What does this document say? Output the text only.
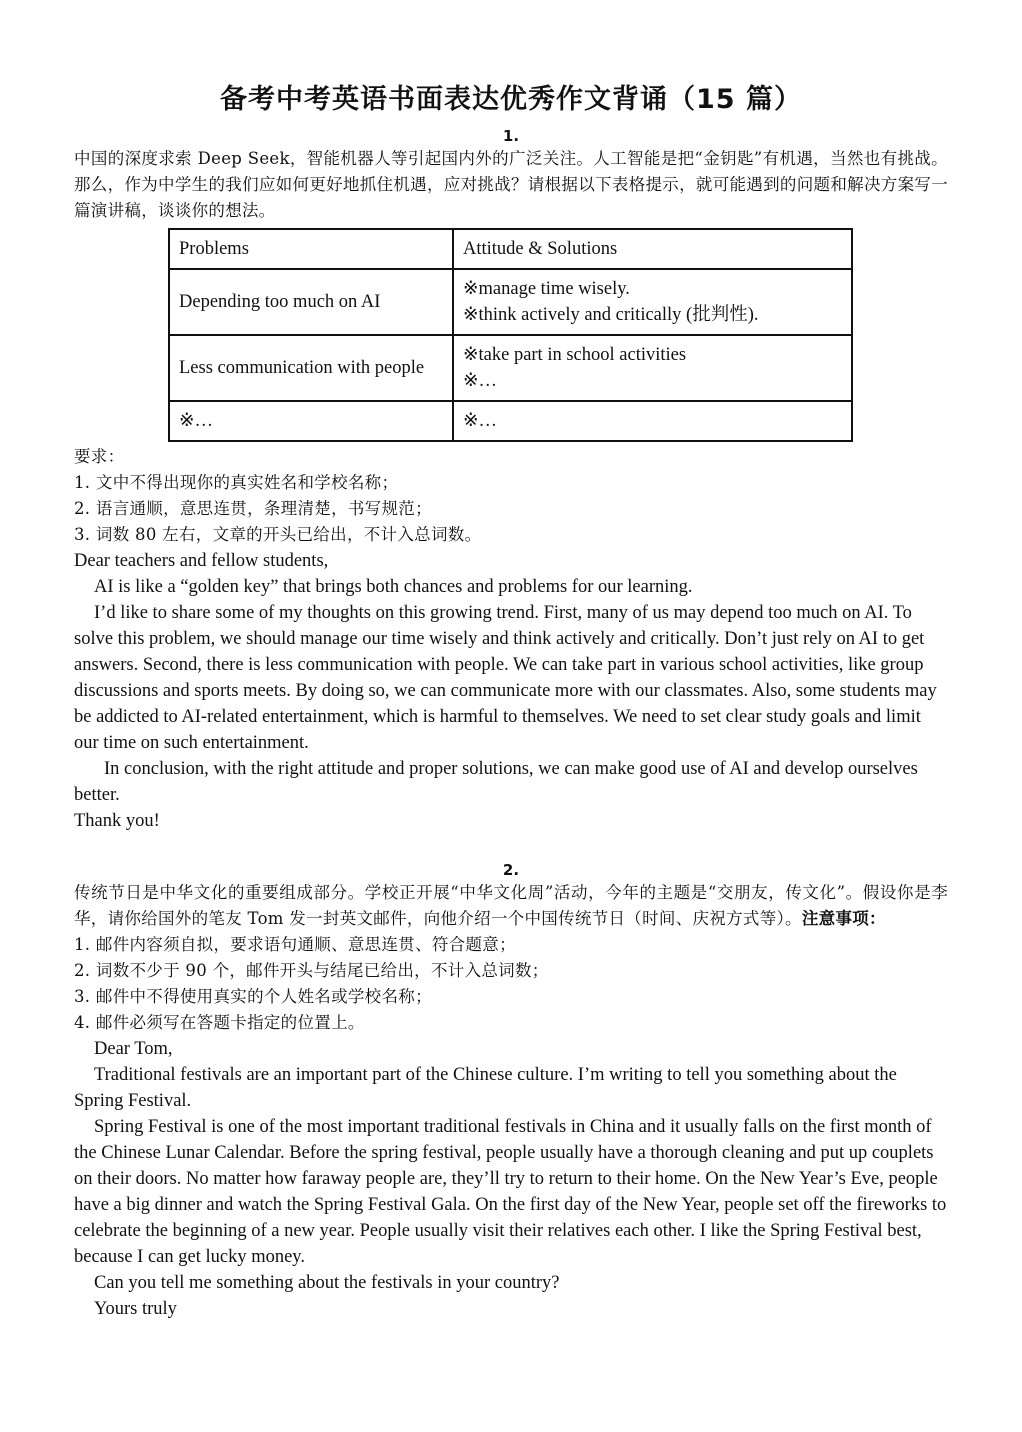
备考中考英语书面表达优秀作文背诵（15 篇）

1.

中国的深度求索 Deep Seek，智能机器人等引起国内外的广泛关注。人工智能是把“金钥匙”有机遇，当然也有挑战。那么，作为中学生的我们应如何更好地抓住机遇，应对挑战？请根据以下表格提示，就可能遇到的问题和解决方案写一篇演讲稿，谈谈你的想法。

Problems	Attitude & Solutions
Depending too much on AI	※manage time wisely.
※think actively and critically (批判性).

Less communication with people	※take part in school activities
※…

※…	※…

要求：

1. 文中不得出现你的真实姓名和学校名称；

2. 语言通顺，意思连贯，条理清楚，书写规范；

3. 词数 80 左右，文章的开头已给出，不计入总词数。

Dear teachers and fellow students,

AI is like a “golden key” that brings both chances and problems for our learning.

I’d like to share some of my thoughts on this growing trend. First, many of us may depend too much on AI. To solve this problem, we should manage our time wisely and think actively and critically. Don’t just rely on AI to get answers. Second, there is less communication with people. We can take part in various school activities, like group discussions and sports meets. By doing so, we can communicate more with our classmates. Also, some students may be addicted to AI-related entertainment, which is harmful to themselves. We need to set clear study goals and limit our time on such entertainment.

In conclusion, with the right attitude and proper solutions, we can make good use of AI and develop ourselves better.

Thank you!

2.

传统节日是中华文化的重要组成部分。学校正开展“中华文化周”活动，今年的主题是“交朋友，传文化”。假设你是李华，请你给国外的笔友 Tom 发一封英文邮件，向他介绍一个中国传统节日（时间、庆祝方式等）。注意事项：

1. 邮件内容须自拟，要求语句通顺、意思连贯、符合题意；

2. 词数不少于 90 个，邮件开头与结尾已给出，不计入总词数；

3. 邮件中不得使用真实的个人姓名或学校名称；

4. 邮件必须写在答题卡指定的位置上。

Dear Tom,

Traditional festivals are an important part of the Chinese culture. I’m writing to tell you something about the Spring Festival.

Spring Festival is one of the most important traditional festivals in China and it usually falls on the first month of the Chinese Lunar Calendar. Before the spring festival, people usually have a thorough cleaning and put up couplets on their doors. No matter how faraway people are, they’ll try to return to their home. On the New Year’s Eve, people have a big dinner and watch the Spring Festival Gala. On the first day of the New Year, people set off the fireworks to celebrate the beginning of a new year. People usually visit their relatives each other. I like the Spring Festival best, because I can get lucky money.

Can you tell me something about the festivals in your country?

Yours truly
